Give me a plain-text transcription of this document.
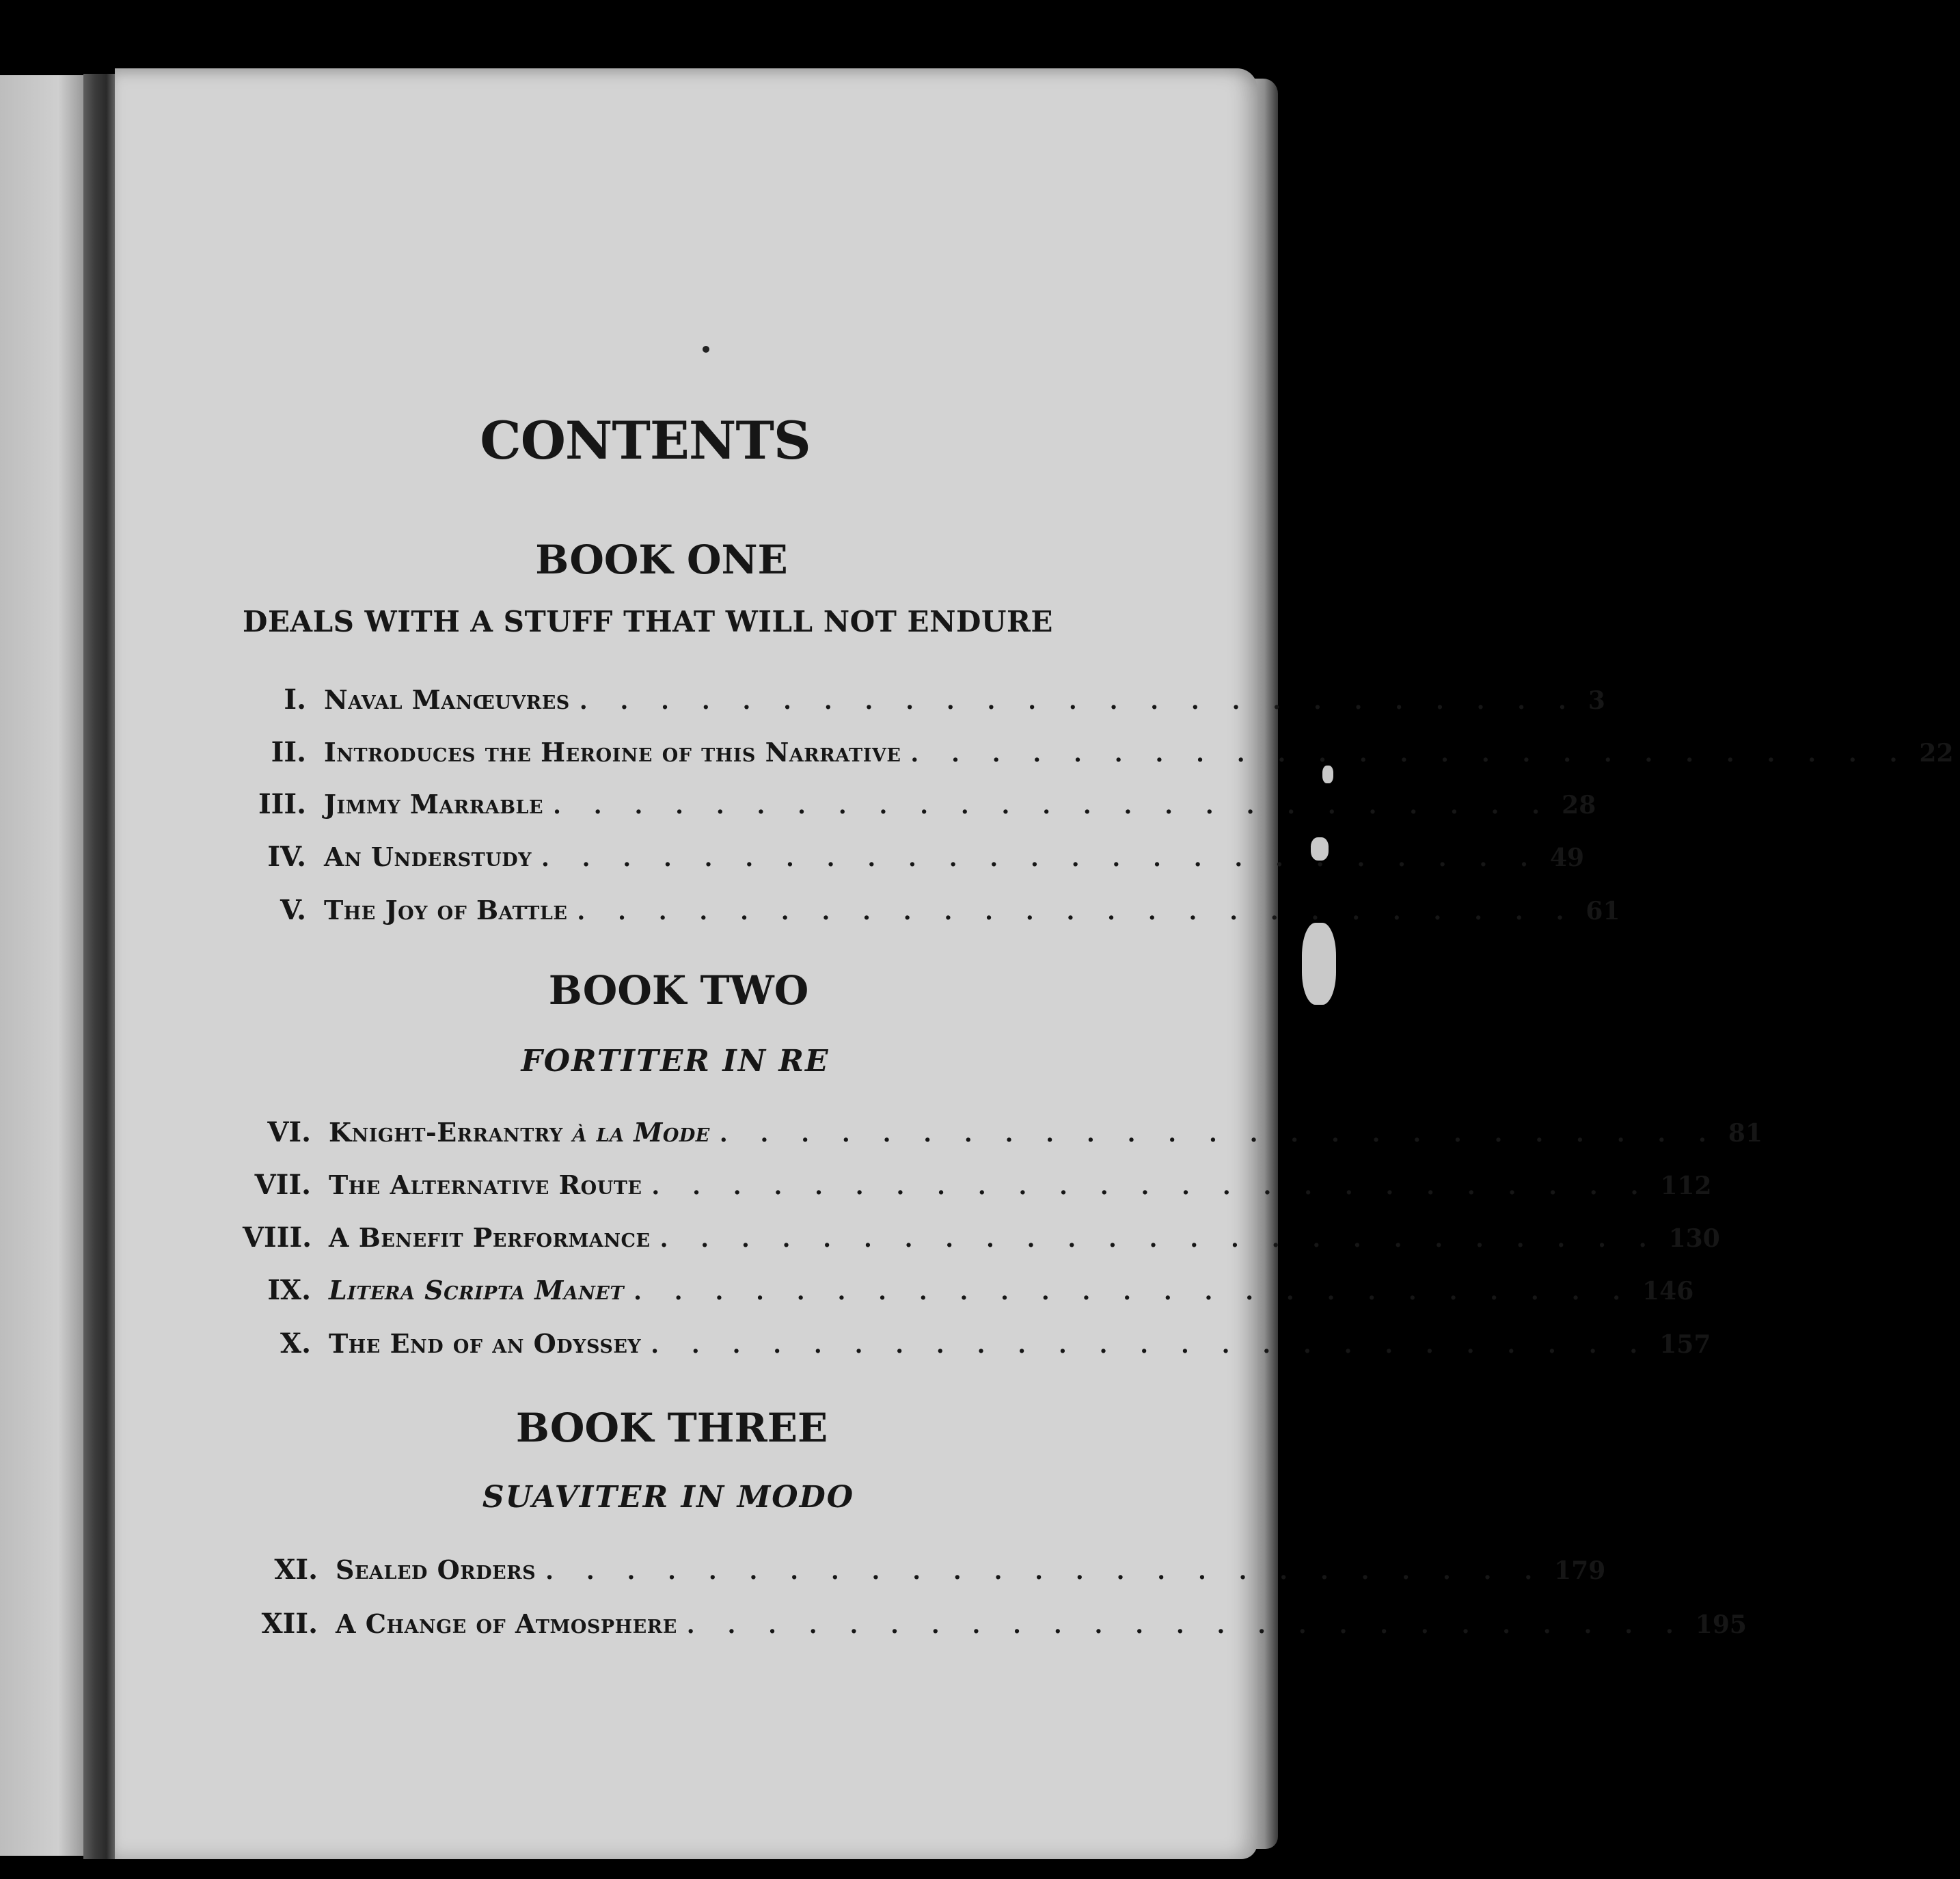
CONTENTS
BOOK ONE
DEALS WITH A STUFF THAT WILL NOT ENDURE
I. Naval Manœuvres . . . . . . . . . . . . . . . . . . . . . . . . . 3
II. Introduces the Heroine of this Narrative . . . . . . . . . . . . . . . . . . . . . . . . . 22
III. Jimmy Marrable . . . . . . . . . . . . . . . . . . . . . . . . . 28
IV. An Understudy . . . . . . . . . . . . . . . . . . . . . . . . . 49
V. The Joy of Battle . . . . . . . . . . . . . . . . . . . . . . . . . 61
BOOK TWO
FORTITER IN RE
VI. Knight-Errantry à la Mode . . . . . . . . . . . . . . . . . . . . . . . . . 81
VII. The Alternative Route . . . . . . . . . . . . . . . . . . . . . . . . . 112
VIII. A Benefit Performance . . . . . . . . . . . . . . . . . . . . . . . . . 130
IX. Litera Scripta Manet . . . . . . . . . . . . . . . . . . . . . . . . . 146
X. The End of an Odyssey . . . . . . . . . . . . . . . . . . . . . . . . . 157
BOOK THREE
SUAVITER IN MODO
XI. Sealed Orders . . . . . . . . . . . . . . . . . . . . . . . . . 179
XII. A Change of Atmosphere . . . . . . . . . . . . . . . . . . . . . . . . . 195
